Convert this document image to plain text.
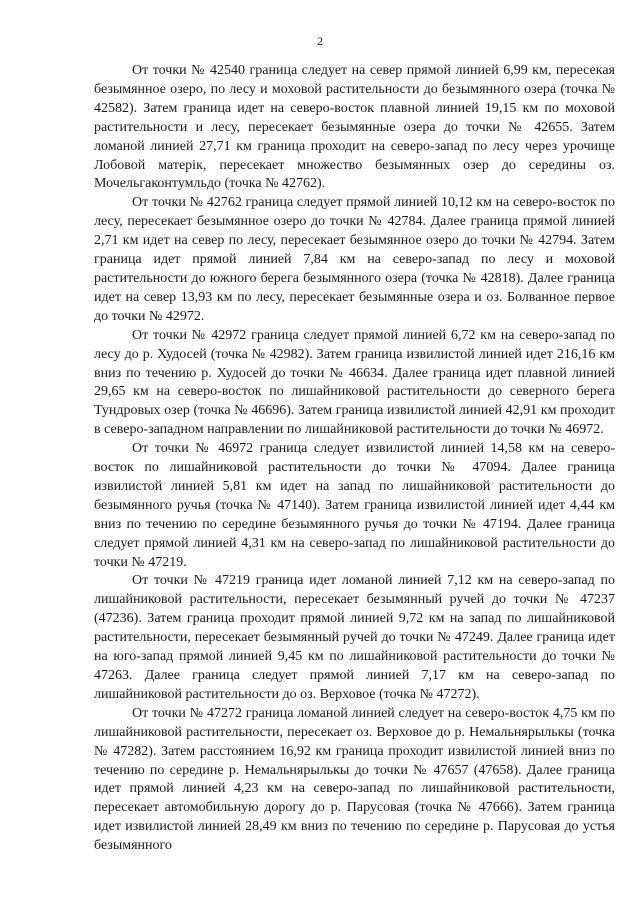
2

От точки № 42540 граница следует на север прямой линией 6,99 км, пересекая безымянное озеро, по лесу и моховой растительности до безымянного озера (точка № 42582). Затем граница идет на северо-восток плавной линией 19,15 км по моховой растительности и лесу, пересекает безымянные озера до точки № 42655. Затем ломаной линией 27,71 км граница проходит на северо-запад по лесу через урочище Лобовой матерік, пересекает множество безымянных озер до середины оз. Мочельгаконтумльдо (точка № 42762).

От точки № 42762 граница следует прямой линией 10,12 км на северо-восток по лесу, пересекает безымянное озеро до точки № 42784. Далее граница прямой линией 2,71 км идет на север по лесу, пересекает безымянное озеро до точки № 42794. Затем граница идет прямой линией 7,84 км на северо-запад по лесу и моховой растительности до южного берега безымянного озера (точка № 42818). Далее граница идет на север 13,93 км по лесу, пересекает безымянные озера и оз. Болванное первое до точки № 42972.

От точки № 42972 граница следует прямой линией 6,72 км на северо-запад по лесу до р. Худосей (точка № 42982). Затем граница извилистой линией идет 216,16 км вниз по течению р. Худосей до точки № 46634. Далее граница идет плавной линией 29,65 км на северо-восток по лишайниковой растительности до северного берега Тундровых озер (точка № 46696). Затем граница извилистой линией 42,91 км проходит в северо-западном направлении по лишайниковой растительности до точки № 46972.

От точки № 46972 граница следует извилистой линией 14,58 км на северо-восток по лишайниковой растительности до точки № 47094. Далее граница извилистой линией 5,81 км идет на запад по лишайниковой растительности до безымянного ручья (точка № 47140). Затем граница извилистой линией идет 4,44 км вниз по течению по середине безымянного ручья до точки № 47194. Далее граница следует прямой линией 4,31 км на северо-запад по лишайниковой растительности до точки № 47219.

От точки № 47219 граница идет ломаной линией 7,12 км на северо-запад по лишайниковой растительности, пересекает безымянный ручей до точки № 47237 (47236). Затем граница проходит прямой линией 9,72 км на запад по лишайниковой растительности, пересекает безымянный ручей до точки № 47249. Далее граница идет на юго-запад прямой линией 9,45 км по лишайниковой растительности до точки № 47263. Далее граница следует прямой линией 7,17 км на северо-запад по лишайниковой растительности до оз. Верховое (точка № 47272).

От точки № 47272 граница ломаной линией следует на северо-восток 4,75 км по лишайниковой растительности, пересекает оз. Верховое до р. Немальнярылькы (точка № 47282). Затем расстоянием 16,92 км граница проходит извилистой линией вниз по течению по середине р. Немальнярылькы до точки № 47657 (47658). Далее граница идет прямой линией 4,23 км на северо-запад по лишайниковой растительности, пересекает автомобильную дорогу до р. Парусовая (точка № 47666). Затем граница идет извилистой линией 28,49 км вниз по течению по середине р. Парусовая до устья безымянного
